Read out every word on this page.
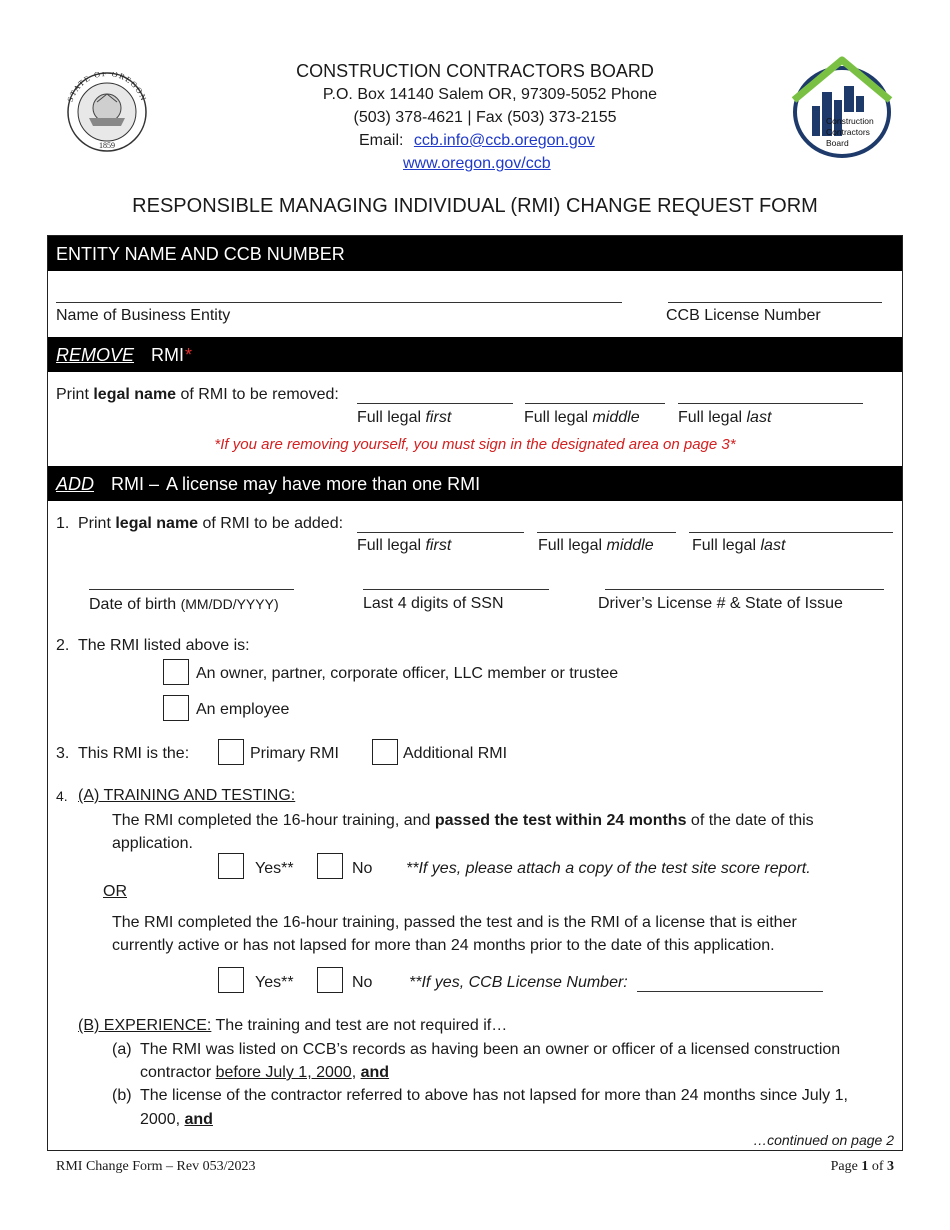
STATE OF OREGON
1859
CONSTRUCTION CONTRACTORS BOARD
P.O. Box 14140 Salem OR, 97309-5052 Phone
(503) 378-4621 | Fax (503) 373-2155
Email: ccb.info@ccb.oregon.gov
www.oregon.gov/ccb
Construction
Contractors
Board
RESPONSIBLE MANAGING INDIVIDUAL (RMI) CHANGE REQUEST FORM
ENTITY NAME AND CCB NUMBER
Name of Business Entity	CCB License Number
REMOVE RMI *
Print legal name of RMI to be removed:
Full legal first	Full legal middle Full legal last
*If you are removing yourself, you must sign in the designated area on page 3*
ADD RMI – A license may have more than one RMI
1. Print legal name of RMI to be added:
Full legal first	Full legal middle Full legal last
Date of birth (MM/DD/YYYY)	Last 4 digits of SSN	Driver’s License # & State of Issue
2. The RMI listed above is:
An owner, partner, corporate officer, LLC member or trustee
An employee
3. This RMI is the:	Primary RMI	Additional RMI
4. (A) TRAINING AND TESTING:
The RMI completed the 16-hour training, and passed the test within 24 months of the date of this
application.
Yes**	No **If yes, please attach a copy of the test site score report.
OR
The RMI completed the 16-hour training, passed the test and is the RMI of a license that is either
currently active or has not lapsed for more than 24 months prior to the date of this application.
Yes**	No **If yes, CCB License Number:
(B) EXPERIENCE: The training and test are not required if…
(a) The RMI was listed on CCB’s records as having been an owner or officer of a licensed construction
contractor before July 1, 2000, and
(b) The license of the contractor referred to above has not lapsed for more than 24 months since July 1,
2000, and
…continued on page 2
RMI Change Form – Rev 053/2023	Page 1 of 3
